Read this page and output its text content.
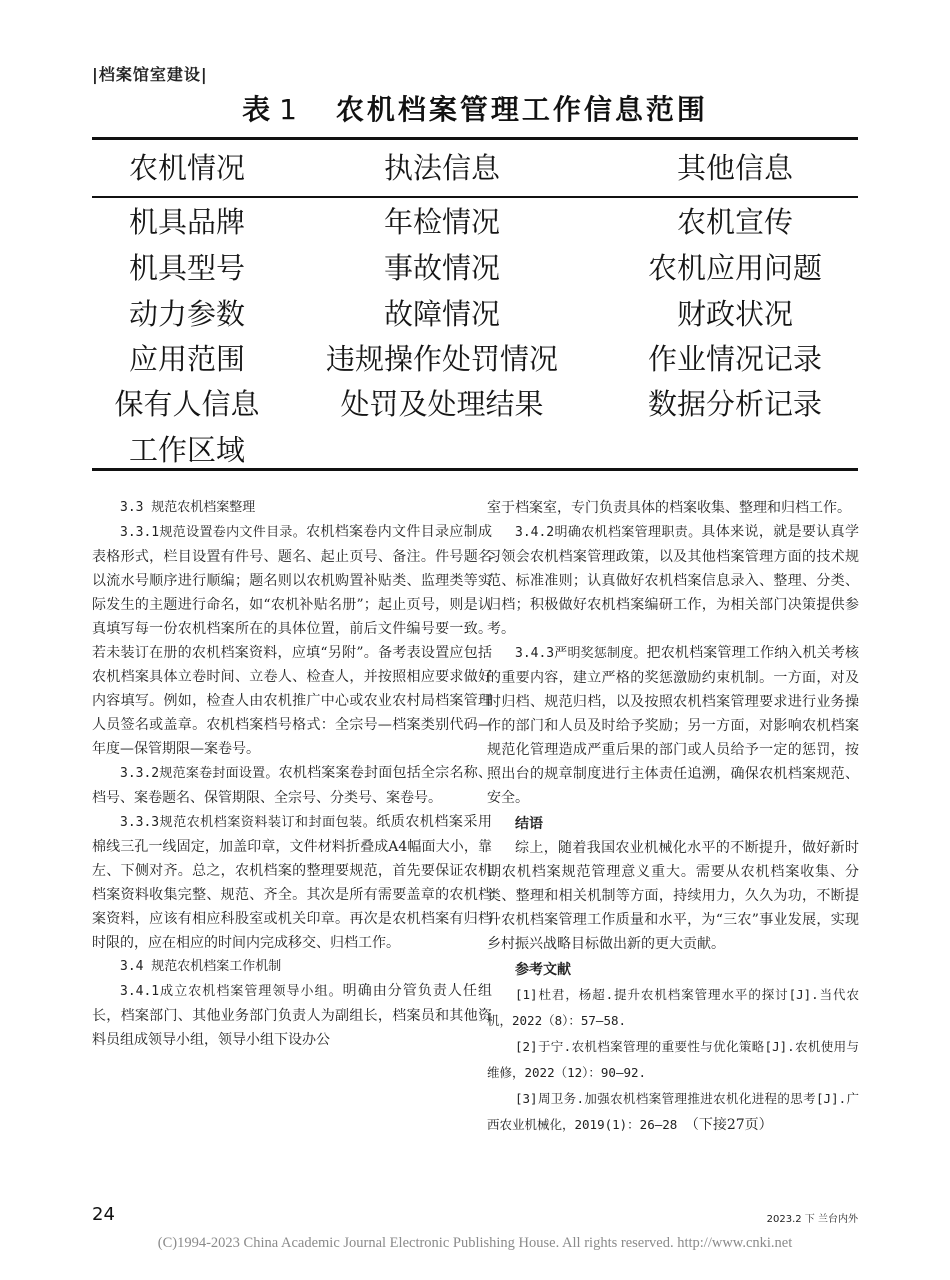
|档案馆室建设|
表 1 农机档案管理工作信息范围
农机情况	执法信息	其他信息
机具品牌	年检情况	农机宣传
机具型号	事故情况	农机应用问题
动力参数	故障情况	财政状况
应用范围	违规操作处罚情况	作业情况记录
保有人信息	处罚及处理结果	数据分析记录
工作区域

3.3 规范农机档案整理

3.3.1规范设置卷内文件目录。农机档案卷内文件目录应制成表格形式，栏目设置有件号、题名、起止页号、备注。件号题名以流水号顺序进行顺编；题名则以农机购置补贴类、监理类等实际发生的主题进行命名，如“农机补贴名册”；起止页号，则是认真填写每一份农机档案所在的具体位置，前后文件编号要一致。若未装订在册的农机档案资料，应填“另附”。备考表设置应包括农机档案具体立卷时间、立卷人、检查人，并按照相应要求做好内容填写。例如，检查人由农机推广中心或农业农村局档案管理人员签名或盖章。农机档案档号格式：全宗号—档案类别代码—年度—保管期限—案卷号。

3.3.2规范案卷封面设置。农机档案案卷封面包括全宗名称、档号、案卷题名、保管期限、全宗号、分类号、案卷号。

3.3.3规范农机档案资料装订和封面包装。纸质农机档案采用棉线三孔一线固定，加盖印章，文件材料折叠成A4幅面大小，靠左、下侧对齐。总之，农机档案的整理要规范，首先要保证农机档案资料收集完整、规范、齐全。其次是所有需要盖章的农机档案资料，应该有相应科股室或机关印章。再次是农机档案有归档时限的，应在相应的时间内完成移交、归档工作。

3.4 规范农机档案工作机制

3.4.1成立农机档案管理领导小组。明确由分管负责人任组长，档案部门、其他业务部门负责人为副组长，档案员和其他资料员组成领导小组，领导小组下设办公

室于档案室，专门负责具体的档案收集、整理和归档工作。

3.4.2明确农机档案管理职责。具体来说，就是要认真学习领会农机档案管理政策，以及其他档案管理方面的技术规范、标准准则；认真做好农机档案信息录入、整理、分类、归档；积极做好农机档案编研工作，为相关部门决策提供参考。

3.4.3严明奖惩制度。把农机档案管理工作纳入机关考核的重要内容，建立严格的奖惩激励约束机制。一方面，对及时归档、规范归档，以及按照农机档案管理要求进行业务操作的部门和人员及时给予奖励；另一方面，对影响农机档案规范化管理造成严重后果的部门或人员给予一定的惩罚，按照出台的规章制度进行主体责任追溯，确保农机档案规范、安全。

结语

综上，随着我国农业机械化水平的不断提升，做好新时期农机档案规范管理意义重大。需要从农机档案收集、分类、整理和相关机制等方面，持续用力，久久为功，不断提升农机档案管理工作质量和水平，为“三农”事业发展，实现乡村振兴战略目标做出新的更大贡献。

参考文献

[1]杜君，杨超.提升农机档案管理水平的探讨[J].当代农机，2022（8）：57—58.

[2]于宁.农机档案管理的重要性与优化策略[J].农机使用与维修，2022（12）：90—92.

[3]周卫务.加强农机档案管理推进农机化进程的思考[J].广西农业机械化，2019(1)：26—28 （下接27页）

24	2023.2 下 兰台内外
(C)1994-2023 China Academic Journal Electronic Publishing House. All rights reserved. http://www.cnki.net
